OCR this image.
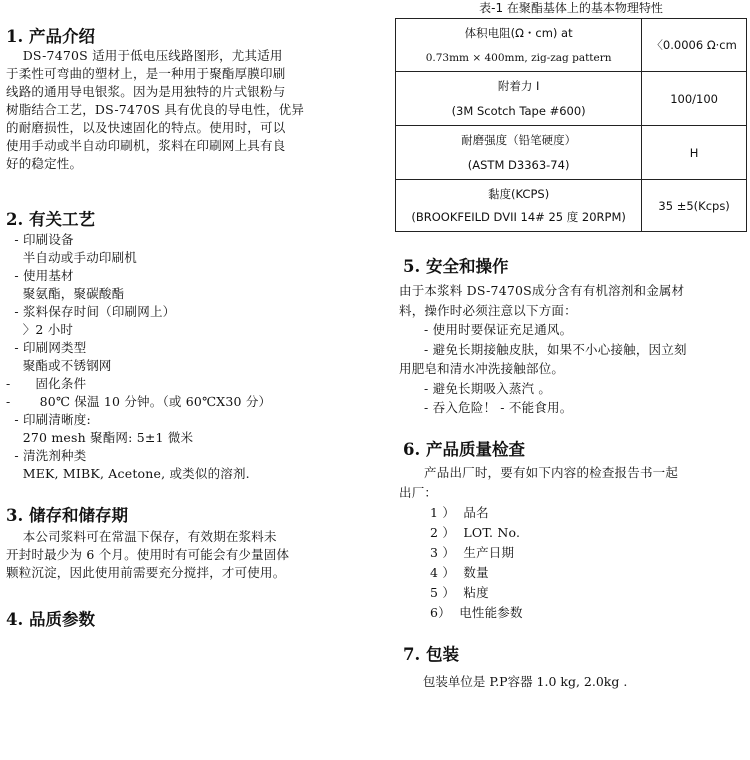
1. 产品介绍
DS-7470S 适用于低电压线路图形，尤其适用
于柔性可弯曲的塑材上，是一种用于聚酯厚膜印刷
线路的通用导电银浆。因为是用独特的片式银粉与
树脂结合工艺，DS-7470S 具有优良的导电性，优异
的耐磨损性，以及快速固化的特点。使用时，可以
使用手动或半自动印刷机，浆料在印刷网上具有良
好的稳定性。
2. 有关工艺
- 印刷设备
半自动或手动印刷机
- 使用基材
聚氨酯，聚碳酸酯
- 浆料保存时间（印刷网上）
〉2 小时
- 印刷网类型
聚酯或不锈钢网
-      固化条件
-       80℃ 保温 10 分钟。（或 60℃X30 分）
- 印刷清晰度:
270 mesh 聚酯网: 5±1 微米
- 清洗剂种类
MEK, MIBK, Acetone, 或类似的溶剂.
3. 储存和储存期
本公司浆料可在常温下保存，有效期在浆料未
开封时最少为 6 个月。使用时有可能会有少量固体
颗粒沉淀，因此使用前需要充分搅拌，才可使用。
4. 品质参数
表-1 在聚酯基体上的基本物理特性
体积电阻(Ω・cm) at
0.73mm × 400mm, zig-zag pattern	〈0.0006 Ω·cm

附着力 I
(3M Scotch Tape #600)	100/100

耐磨强度（铅笔硬度）
(ASTM D3363-74)	H

黏度(KCPS)
(BROOKFEILD DVII 14# 25 度 20RPM)	35 ±5(Kcps)
5. 安全和操作
由于本浆料 DS-7470S成分含有有机溶剂和金属材
料，操作时必须注意以下方面：
- 使用时要保证充足通风。
- 避免长期接触皮肤，如果不小心接触，因立刻
用肥皂和清水冲洗接触部位。
- 避免长期吸入蒸汽 。
- 吞入危险！ - 不能食用。
6. 产品质量检查
产品出厂时，要有如下内容的检查报告书一起
出厂：
1 ）  品名
2 ）  LOT. No.
3 ）  生产日期
4 ）  数量
5 ）  粘度
6）  电性能参数
7. 包装
包装单位是 P.P容器 1.0 kg, 2.0kg .
